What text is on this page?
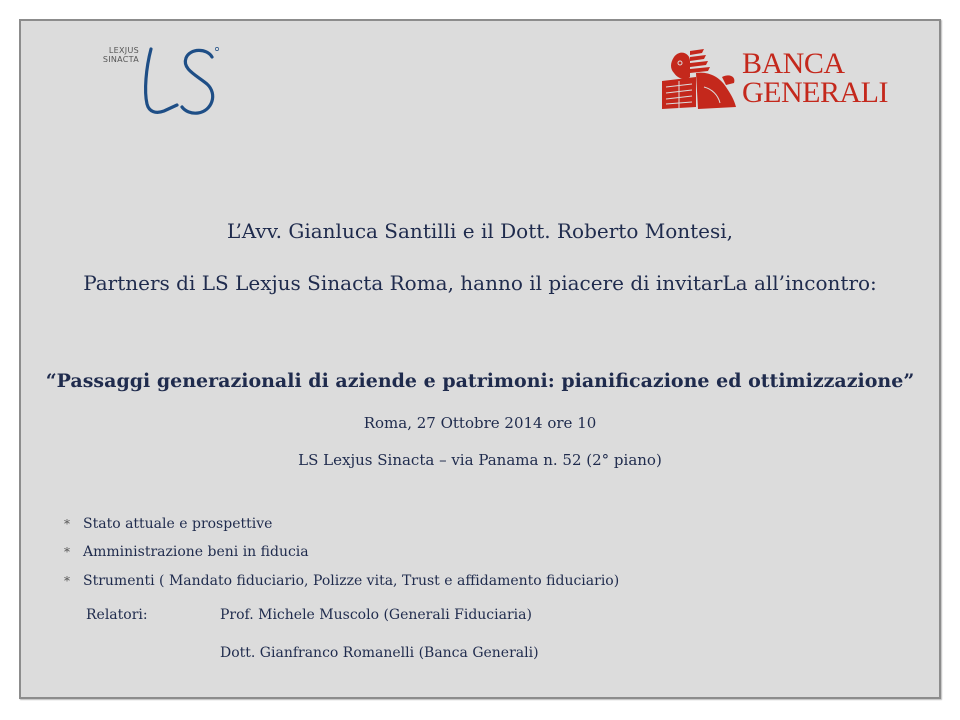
LEXJUS
SINACTA	BANCA
GENERALI
L’Avv. Gianluca Santilli e il Dott. Roberto Montesi,
Partners di LS Lexjus Sinacta Roma, hanno il piacere di invitarLa all’incontro:
“Passaggi generazionali di aziende e patrimoni: pianificazione ed ottimizzazione”
Roma, 27 Ottobre 2014 ore 10
LS Lexjus Sinacta – via Panama n. 52 (2° piano)
* Stato attuale e prospettive
* Amministrazione beni in fiducia
* Strumenti ( Mandato fiduciario, Polizze vita, Trust e affidamento fiduciario)
Relatori:	Prof. Michele Muscolo (Generali Fiduciaria)
Dott. Gianfranco Romanelli (Banca Generali)
